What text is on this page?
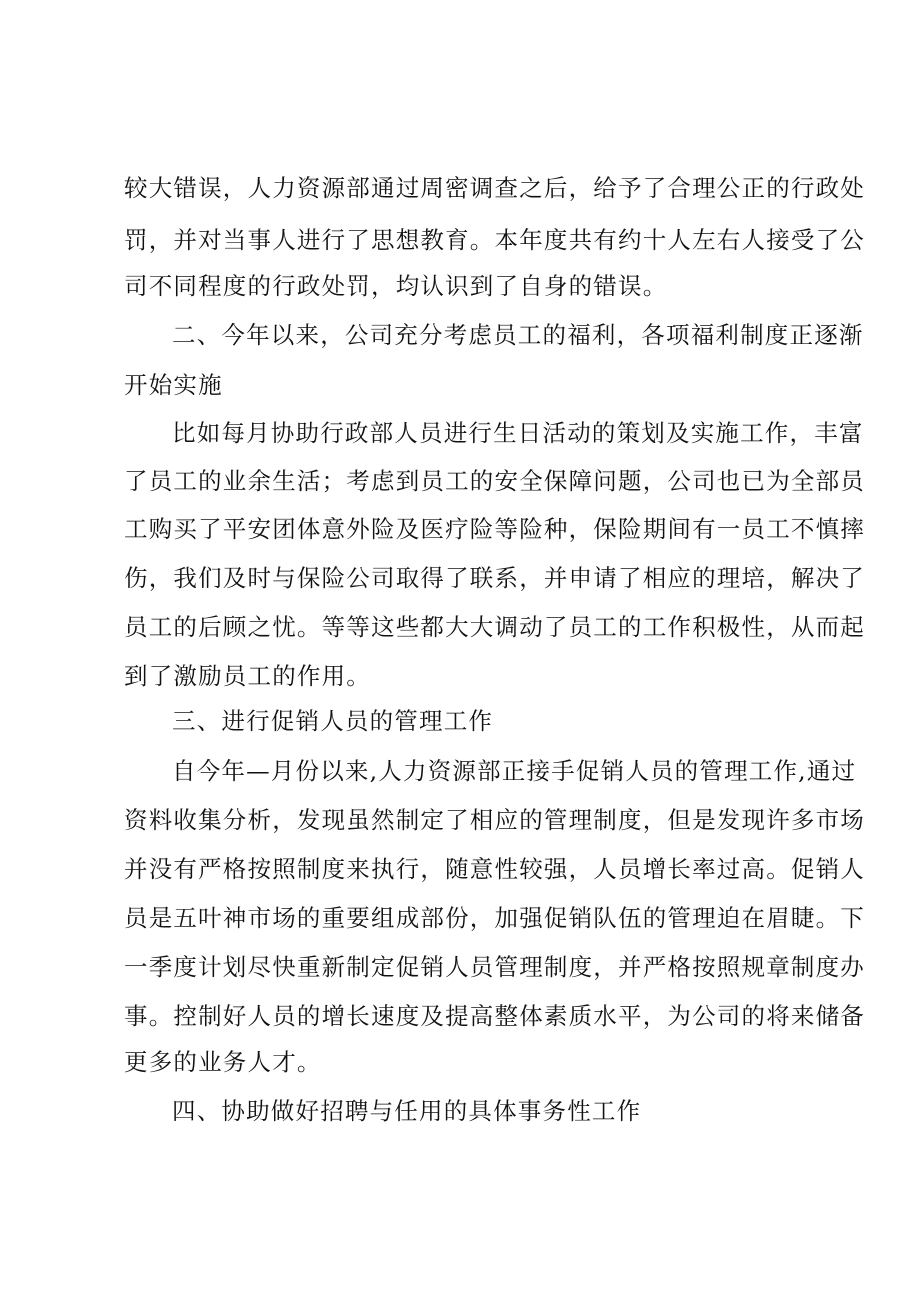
较大错误，人力资源部通过周密调查之后，给予了合理公正的行政处
罚，并对当事人进行了思想教育。本年度共有约十人左右人接受了公
司不同程度的行政处罚，均认识到了自身的错误。
二、今年以来，公司充分考虑员工的福利，各项福利制度正逐渐
开始实施
比如每月协助行政部人员进行生日活动的策划及实施工作，丰富
了员工的业余生活；考虑到员工的安全保障问题，公司也已为全部员
工购买了平安团体意外险及医疗险等险种，保险期间有一员工不慎摔
伤，我们及时与保险公司取得了联系，并申请了相应的理培，解决了
员工的后顾之忧。等等这些都大大调动了员工的工作积极性，从而起
到了激励员工的作用。
三、进行促销人员的管理工作
自今年—月份以来,人力资源部正接手促销人员的管理工作,通过
资料收集分析，发现虽然制定了相应的管理制度，但是发现许多市场
并没有严格按照制度来执行，随意性较强，人员增长率过高。促销人
员是五叶神市场的重要组成部份，加强促销队伍的管理迫在眉睫。下
一季度计划尽快重新制定促销人员管理制度，并严格按照规章制度办
事。控制好人员的增长速度及提高整体素质水平，为公司的将来储备
更多的业务人才。
四、协助做好招聘与任用的具体事务性工作
